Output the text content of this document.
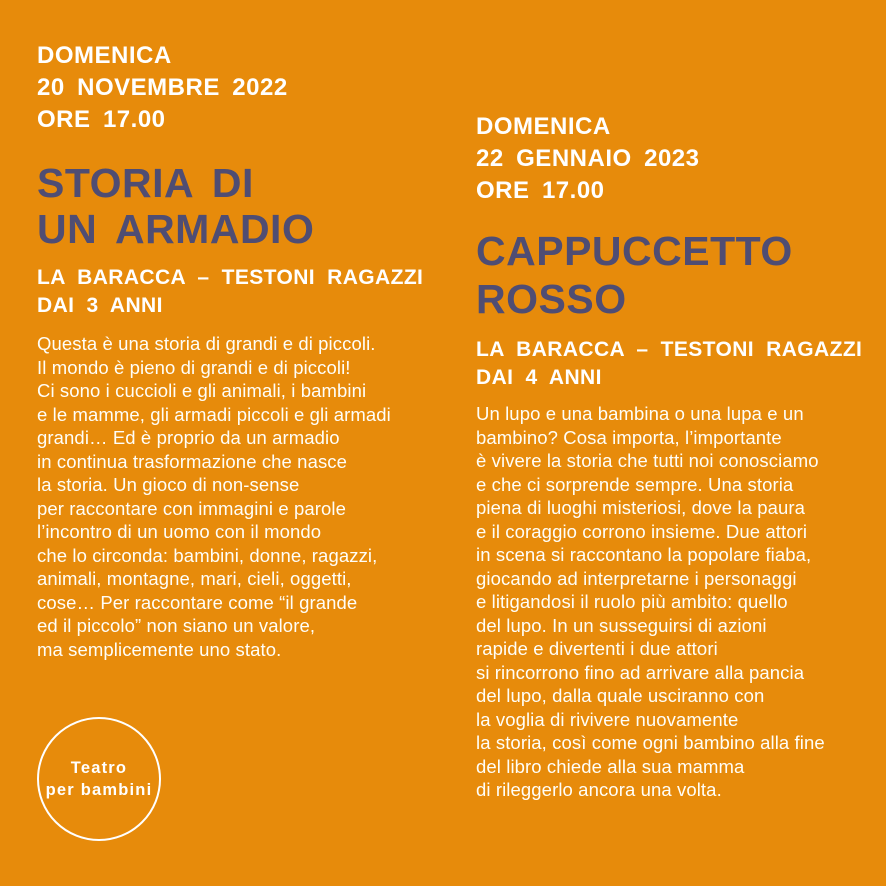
DOMENICA
20 NOVEMBRE 2022
ORE 17.00
STORIA DI
UN ARMADIO
LA BARACCA – TESTONI RAGAZZI
DAI 3 ANNI
Questa è una storia di grandi e di piccoli.
Il mondo è pieno di grandi e di piccoli!
Ci sono i cuccioli e gli animali, i bambini
e le mamme, gli armadi piccoli e gli armadi
grandi… Ed è proprio da un armadio
in continua trasformazione che nasce
la storia. Un gioco di non-sense
per raccontare con immagini e parole
l’incontro di un uomo con il mondo
che lo circonda: bambini, donne, ragazzi,
animali, montagne, mari, cieli, oggetti,
cose… Per raccontare come “il grande
ed il piccolo” non siano un valore,
ma semplicemente uno stato.
DOMENICA
22 GENNAIO 2023
ORE 17.00
CAPPUCCETTO
ROSSO
LA BARACCA – TESTONI RAGAZZI
DAI 4 ANNI
Un lupo e una bambina o una lupa e un
bambino? Cosa importa, l’importante
è vivere la storia che tutti noi conosciamo
e che ci sorprende sempre. Una storia
piena di luoghi misteriosi, dove la paura
e il coraggio corrono insieme. Due attori
in scena si raccontano la popolare fiaba,
giocando ad interpretarne i personaggi
e litigandosi il ruolo più ambito: quello
del lupo. In un susseguirsi di azioni
rapide e divertenti i due attori
si rincorrono fino ad arrivare alla pancia
del lupo, dalla quale usciranno con
la voglia di rivivere nuovamente
la storia, così come ogni bambino alla fine
del libro chiede alla sua mamma
di rileggerlo ancora una volta.
Teatro
per bambini
